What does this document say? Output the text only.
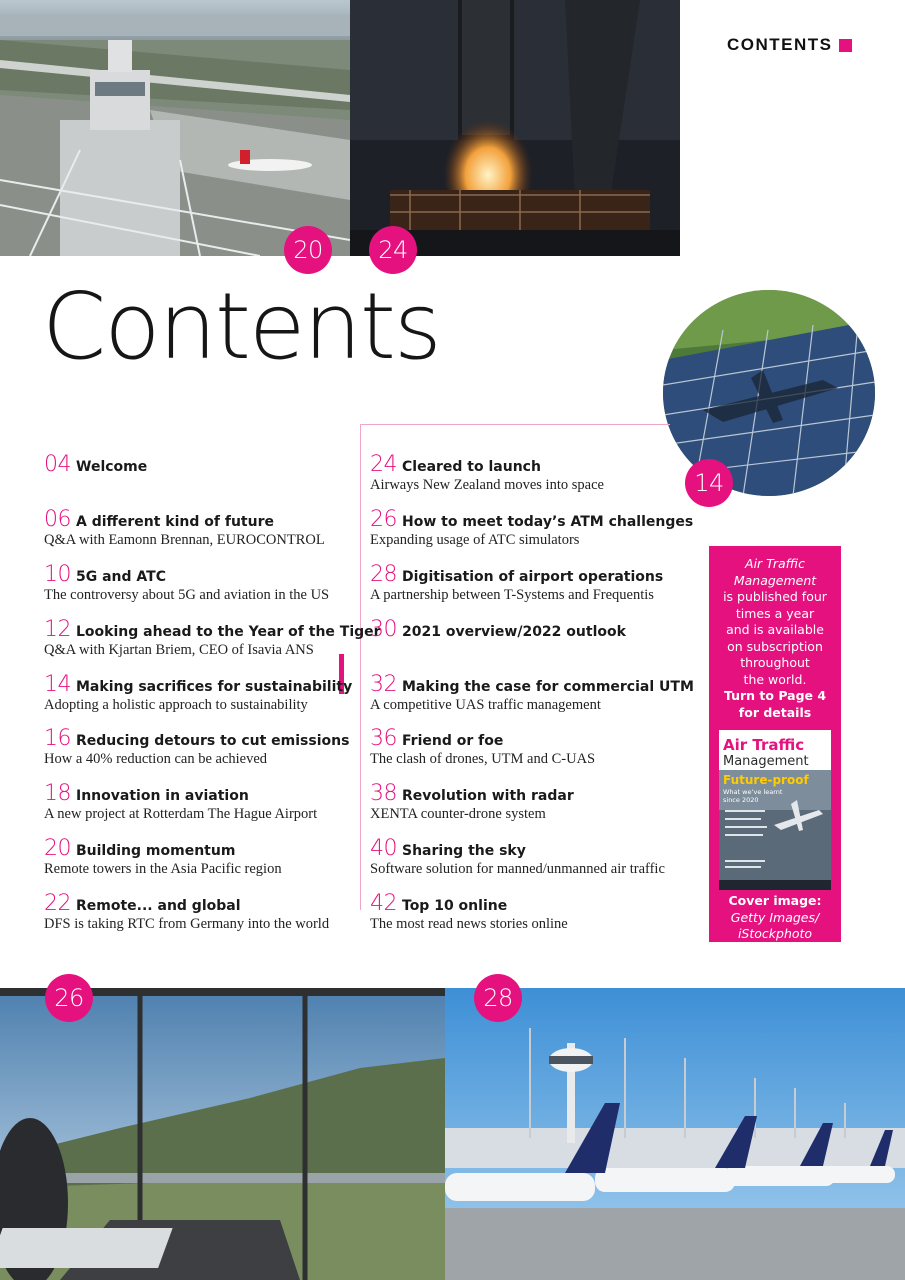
20	24
14
26	28
CONTENTS
Contents
04 Welcome
06 A different kind of future
Q&A with Eamonn Brennan, EUROCONTROL
10 5G and ATC
The controversy about 5G and aviation in the US
12 Looking ahead to the Year of the Tiger
Q&A with Kjartan Briem, CEO of Isavia ANS
14 Making sacrifices for sustainability
Adopting a holistic approach to sustainability
16 Reducing detours to cut emissions
How a 40% reduction can be achieved
18 Innovation in aviation
A new project at Rotterdam The Hague Airport
20 Building momentum
Remote towers in the Asia Pacific region
22 Remote... and global
DFS is taking RTC from Germany into the world
24 Cleared to launch
Airways New Zealand moves into space
26 How to meet today’s ATM challenges
Expanding usage of ATC simulators
28 Digitisation of airport operations
A partnership between T-Systems and Frequentis
30 2021 overview/2022 outlook
32 Making the case for commercial UTM
A competitive UAS traffic management
36 Friend or foe
The clash of drones, UTM and C-UAS
38 Revolution with radar
XENTA counter-drone system
40 Sharing the sky
Software solution for manned/unmanned air traffic
42 Top 10 online
The most read news stories online
Air Traffic
Management
is published four
times a year
and is available
on subscription
throughout
the world.
Turn to Page 4
for details
Air Traffic
Management
Future-proof
What we’ve learnt
since 2020
Cover image:
Getty Images/
iStockphoto
